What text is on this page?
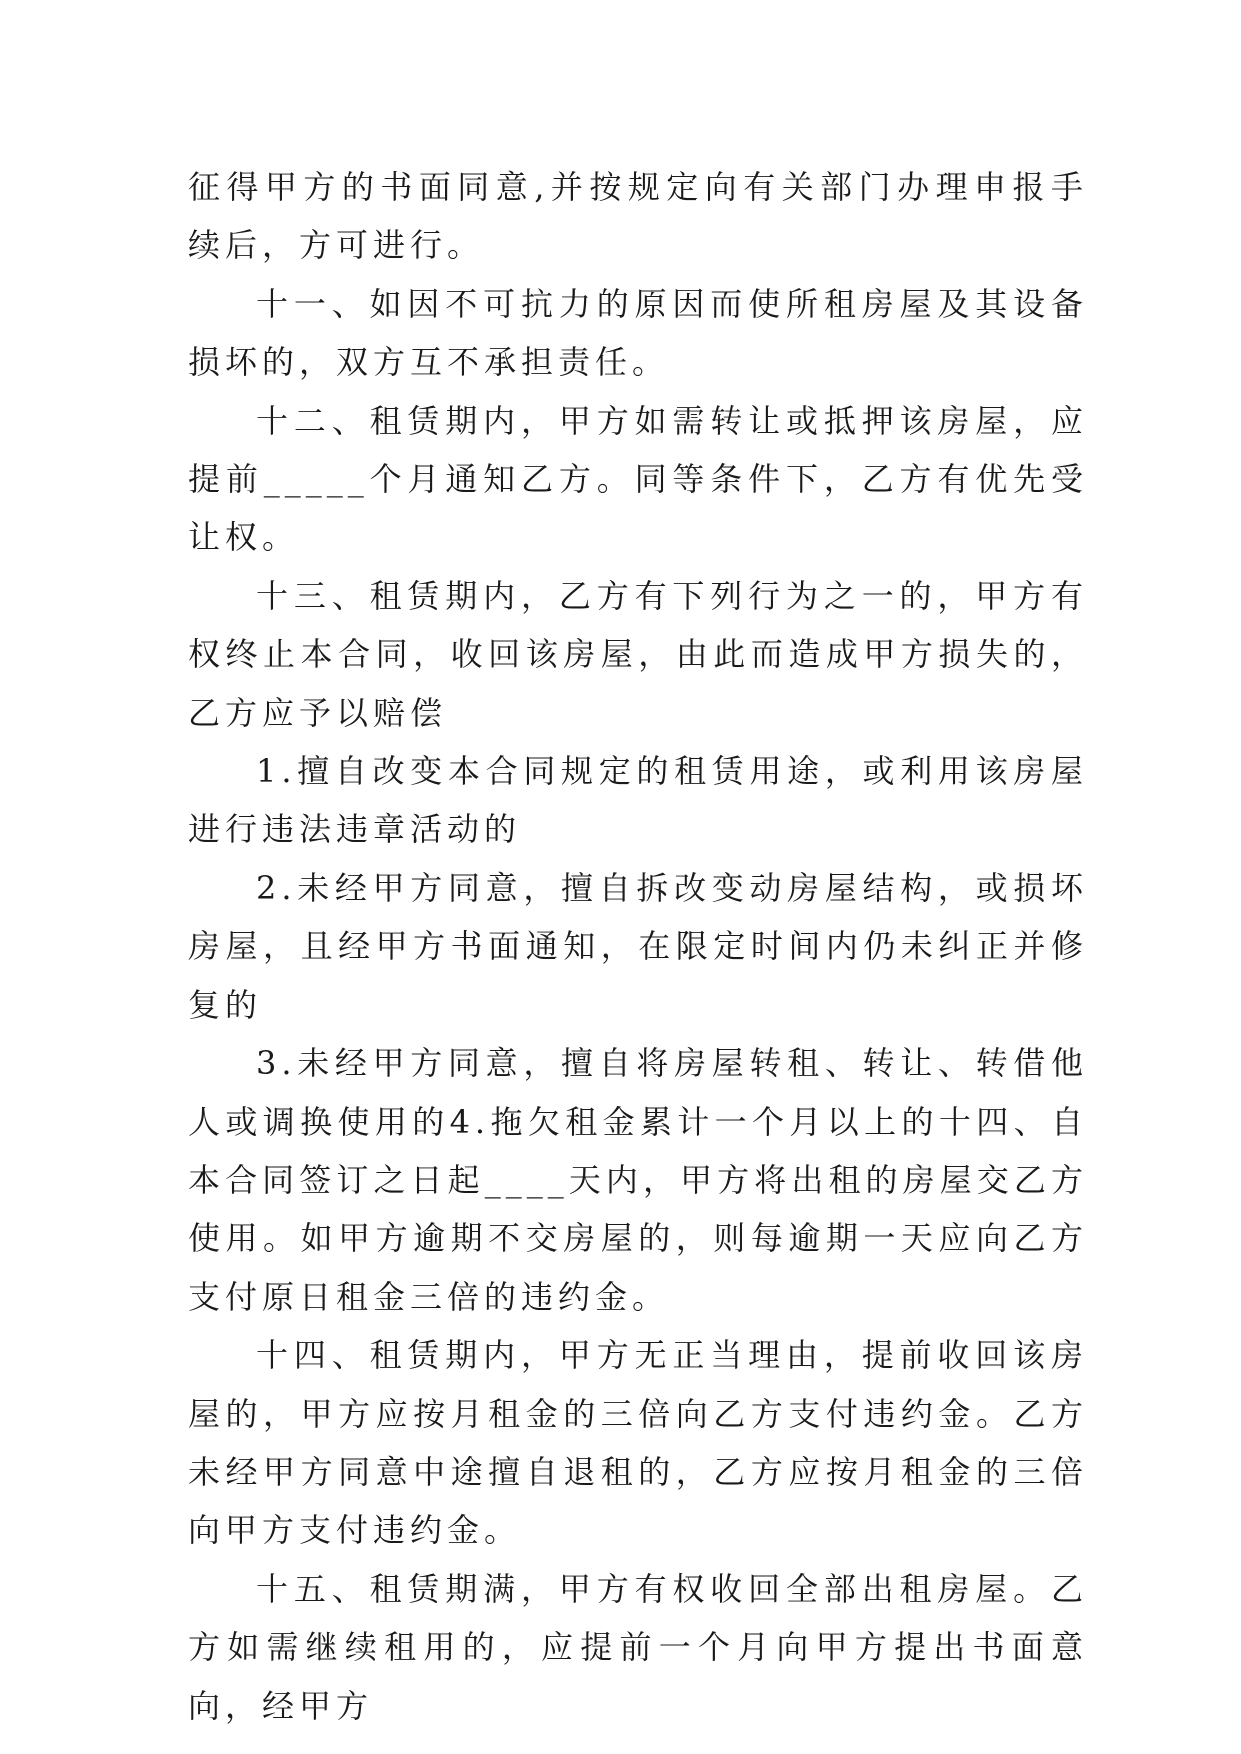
征得甲方的书面同意,并按规定向有关部门办理申报手续后，方可进行。

十一、如因不可抗力的原因而使所租房屋及其设备损坏的，双方互不承担责任。

十二、租赁期内，甲方如需转让或抵押该房屋，应提前_____个月通知乙方。同等条件下，乙方有优先受让权。

十三、租赁期内，乙方有下列行为之一的，甲方有权终止本合同，收回该房屋，由此而造成甲方损失的，乙方应予以赔偿

1.擅自改变本合同规定的租赁用途，或利用该房屋进行违法违章活动的

2.未经甲方同意，擅自拆改变动房屋结构，或损坏房屋，且经甲方书面通知，在限定时间内仍未纠正并修复的

3.未经甲方同意，擅自将房屋转租、转让、转借他人或调换使用的4.拖欠租金累计一个月以上的十四、自本合同签订之日起____天内，甲方将出租的房屋交乙方使用。如甲方逾期不交房屋的，则每逾期一天应向乙方支付原日租金三倍的违约金。

十四、租赁期内，甲方无正当理由，提前收回该房屋的，甲方应按月租金的三倍向乙方支付违约金。乙方未经甲方同意中途擅自退租的，乙方应按月租金的三倍向甲方支付违约金。

十五、租赁期满，甲方有权收回全部出租房屋。乙方如需继续租用的，应提前一个月向甲方提出书面意向，经甲方
